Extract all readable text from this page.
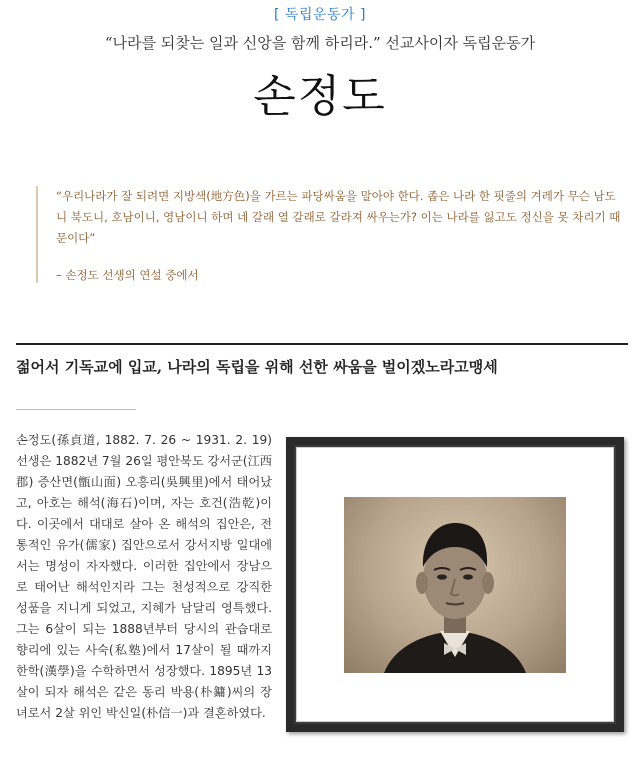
[ 독립운동가 ]
“나라를 되찾는 일과 신앙을 함께 하리라.” 선교사이자 독립운동가
손정도

“우리나라가 잘 되려면 지방색(地方色)을 가르는 파당싸움을 말아야 한다. 좁은 나라 한 핏줄의 겨레가 무슨 남도니 북도니, 호남이니, 영남이니 하며 네 갈래 열 갈래로 갈라져 싸우는가? 이는 나라를 잃고도 정신을 못 차리기 때문이다”

– 손정도 선생의 연설 중에서

젊어서 기독교에 입교, 나라의 독립을 위해 선한 싸움을 벌이겠노라고맹세

손정도(孫貞道, 1882. 7. 26 ~ 1931. 2. 19) 선생은 1882년 7월 26일 평안북도 강서군(江西郡) 증산면(甑山面) 오흥리(吳興里)에서 태어났고, 아호는 해석(海石)이며, 자는 호건(浩乾)이다. 이곳에서 대대로 살아 온 해석의 집안은, 전통적인 유가(儒家) 집안으로서 강서지방 일대에서는 명성이 자자했다. 이러한 집안에서 장남으로 태어난 해석인지라 그는 천성적으로 강직한 성품을 지니게 되었고, 지혜가 남달리 영특했다. 그는 6살이 되는 1888년부터 당시의 관습대로 향리에 있는 사숙(私塾)에서 17살이 될 때까지 한학(漢學)을 수학하면서 성장했다. 1895년 13살이 되자 해석은 같은 동리 박용(朴鏞)씨의 장녀로서 2살 위인 박신일(朴信一)과 결혼하였다.
